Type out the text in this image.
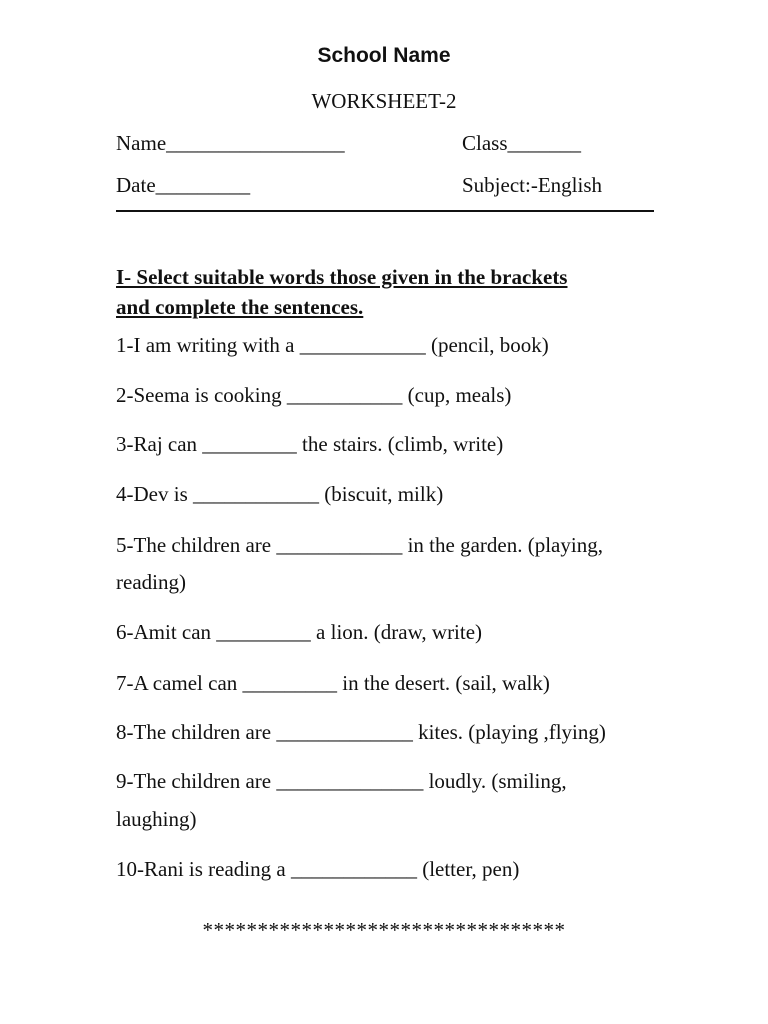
School Name
WORKSHEET-2
Name_________________	Class_______
Date_________	Subject:-English
I- Select suitable words those given in the brackets
and complete the sentences.
1-I am writing with a ____________ (pencil, book)
2-Seema is cooking ___________ (cup, meals)
3-Raj can _________ the stairs. (climb, write)
4-Dev is ____________ (biscuit, milk)
5-The children are ____________ in the garden. (playing,
reading)
6-Amit can _________ a lion. (draw, write)
7-A camel can _________ in the desert. (sail, walk)
8-The children are _____________ kites. (playing ,flying)
9-The children are ______________ loudly. (smiling,
laughing)
10-Rani is reading a ____________ (letter, pen)
*********************************
